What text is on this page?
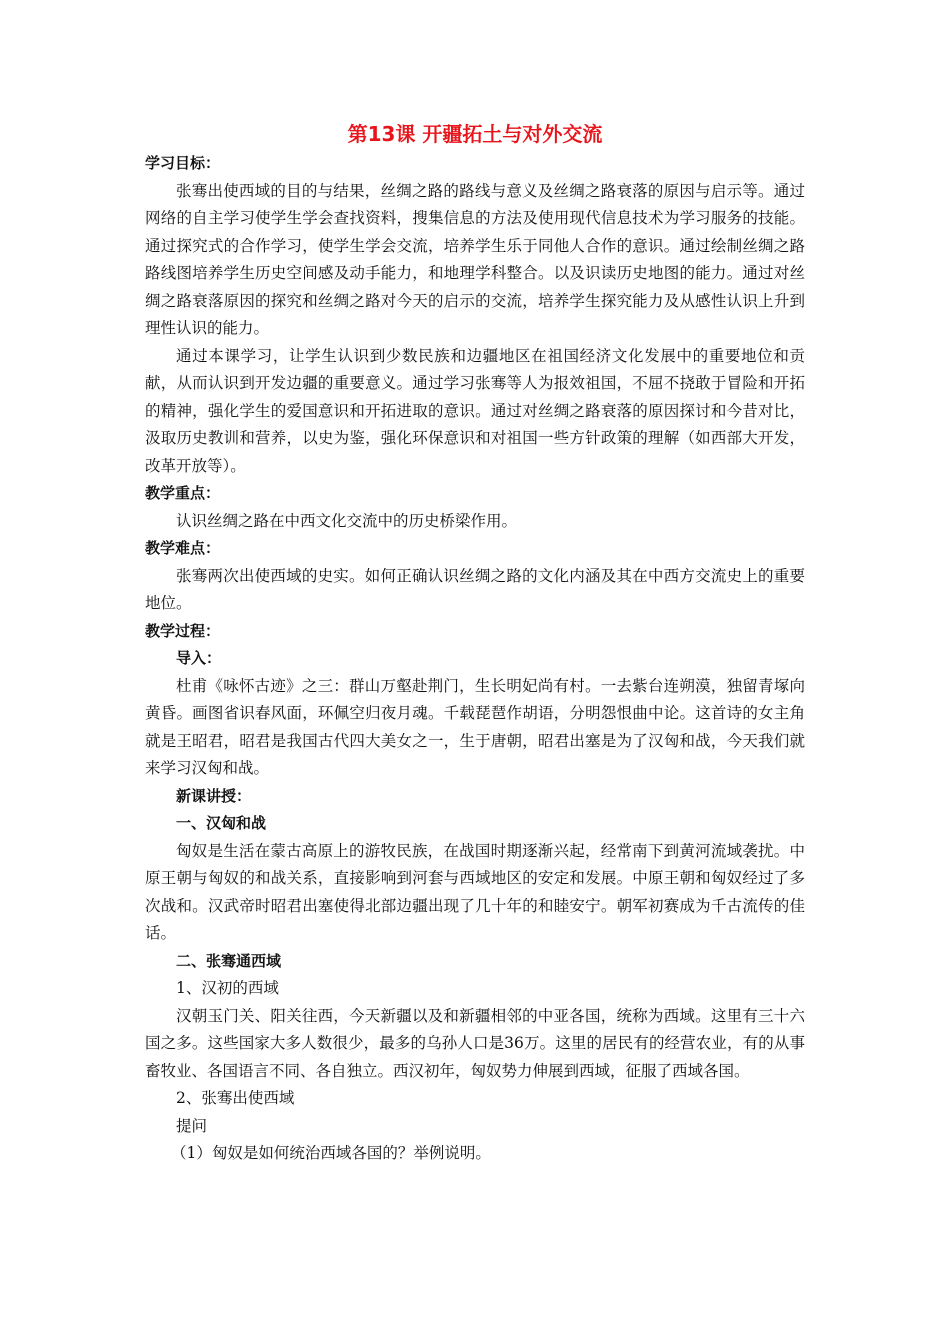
第13课 开疆拓土与对外交流

学习目标：

张骞出使西域的目的与结果，丝绸之路的路线与意义及丝绸之路衰落的原因与启示等。通过网络的自主学习使学生学会查找资料，搜集信息的方法及使用现代信息技术为学习服务的技能。通过探究式的合作学习，使学生学会交流，培养学生乐于同他人合作的意识。通过绘制丝绸之路路线图培养学生历史空间感及动手能力，和地理学科整合。以及识读历史地图的能力。通过对丝绸之路衰落原因的探究和丝绸之路对今天的启示的交流，培养学生探究能力及从感性认识上升到理性认识的能力。

通过本课学习，让学生认识到少数民族和边疆地区在祖国经济文化发展中的重要地位和贡献，从而认识到开发边疆的重要意义。通过学习张骞等人为报效祖国，不屈不挠敢于冒险和开拓的精神，强化学生的爱国意识和开拓进取的意识。通过对丝绸之路衰落的原因探讨和今昔对比，汲取历史教训和营养，以史为鉴，强化环保意识和对祖国一些方针政策的理解（如西部大开发，改革开放等）。

教学重点：

认识丝绸之路在中西文化交流中的历史桥梁作用。

教学难点：

张骞两次出使西域的史实。如何正确认识丝绸之路的文化内涵及其在中西方交流史上的重要地位。

教学过程：

导入：

杜甫《咏怀古迹》之三：群山万壑赴荆门，生长明妃尚有村。一去紫台连朔漠，独留青塚向黄昏。画图省识春风面，环佩空归夜月魂。千载琵琶作胡语，分明怨恨曲中论。这首诗的女主角就是王昭君，昭君是我国古代四大美女之一，生于唐朝，昭君出塞是为了汉匈和战，今天我们就来学习汉匈和战。

新课讲授：

一、汉匈和战

匈奴是生活在蒙古高原上的游牧民族，在战国时期逐渐兴起，经常南下到黄河流域袭扰。中原王朝与匈奴的和战关系，直接影响到河套与西域地区的安定和发展。中原王朝和匈奴经过了多次战和。汉武帝时昭君出塞使得北部边疆出现了几十年的和睦安宁。朝军初赛成为千古流传的佳话。

二、张骞通西域

1、汉初的西域

汉朝玉门关、阳关往西，今天新疆以及和新疆相邻的中亚各国，统称为西域。这里有三十六国之多。这些国家大多人数很少，最多的乌孙人口是36万。这里的居民有的经营农业，有的从事畜牧业、各国语言不同、各自独立。西汉初年，匈奴势力伸展到西域，征服了西域各国。

2、张骞出使西域

提问

（1）匈奴是如何统治西域各国的？举例说明。
